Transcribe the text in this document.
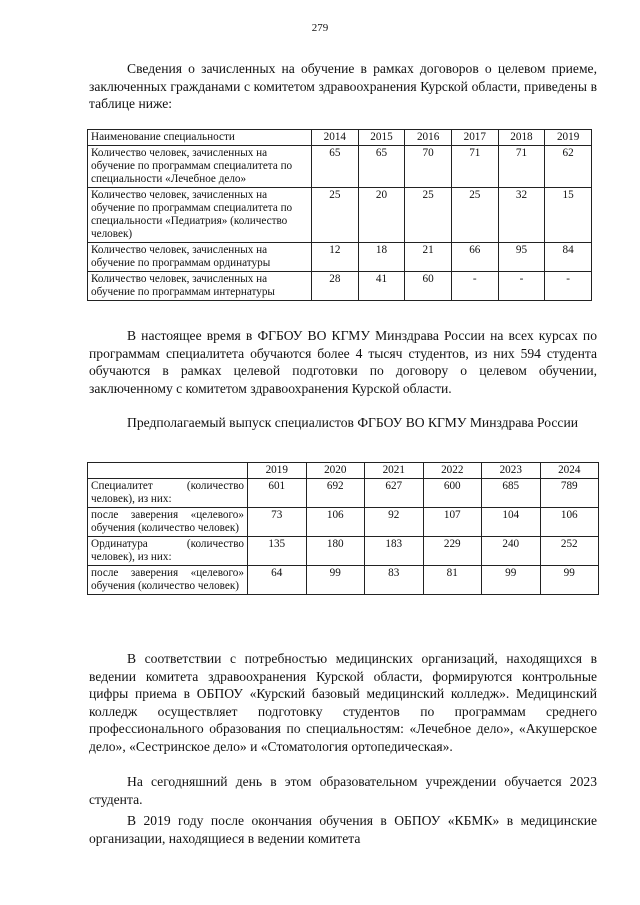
279
Сведения о зачисленных на обучение в рамках договоров о целевом приеме, заключенных гражданами с комитетом здравоохранения Курской области, приведены в таблице ниже:
Наименование специальности	2014	2015	2016	2017	2018	2019
Количество человек, зачисленных на обучение по программам специалитета по специальности «Лечебное дело»	65	65	70	71	71	62
Количество человек, зачисленных на обучение по программам специалитета по специальности «Педиатрия» (количество человек)	25	20	25	25	32	15
Количество человек, зачисленных на обучение по программам ординатуры	12	18	21	66	95	84
Количество человек, зачисленных на обучение по программам интернатуры	28	41	60	-	-	-
В настоящее время в ФГБОУ ВО КГМУ Минздрава России на всех курсах по программам специалитета обучаются более 4 тысяч студентов, из них 594 студента обучаются в рамках целевой подготовки по договору о целевом обучении, заключенному с комитетом здравоохранения Курской области.
Предполагаемый выпуск специалистов ФГБОУ ВО КГМУ Минздрава России
	2019	2020	2021	2022	2023	2024
Специалитет (количество человек), из них:	601	692	627	600	685	789
после заверения «целевого» обучения (количество человек)	73	106	92	107	104	106
Ординатура (количество человек), из них:	135	180	183	229	240	252
после заверения «целевого» обучения (количество человек)	64	99	83	81	99	99
В соответствии с потребностью медицинских организаций, находящихся в ведении комитета здравоохранения Курской области, формируются контрольные цифры приема в ОБПОУ «Курский базовый медицинский колледж». Медицинский колледж осуществляет подготовку студентов по программам среднего профессионального образования по специальностям: «Лечебное дело», «Акушерское дело», «Сестринское дело» и «Стоматология ортопедическая».
На сегодняшний день в этом образовательном учреждении обучается 2023 студента.
В 2019 году после окончания обучения в ОБПОУ «КБМК» в медицинские организации, находящиеся в ведении комитета
